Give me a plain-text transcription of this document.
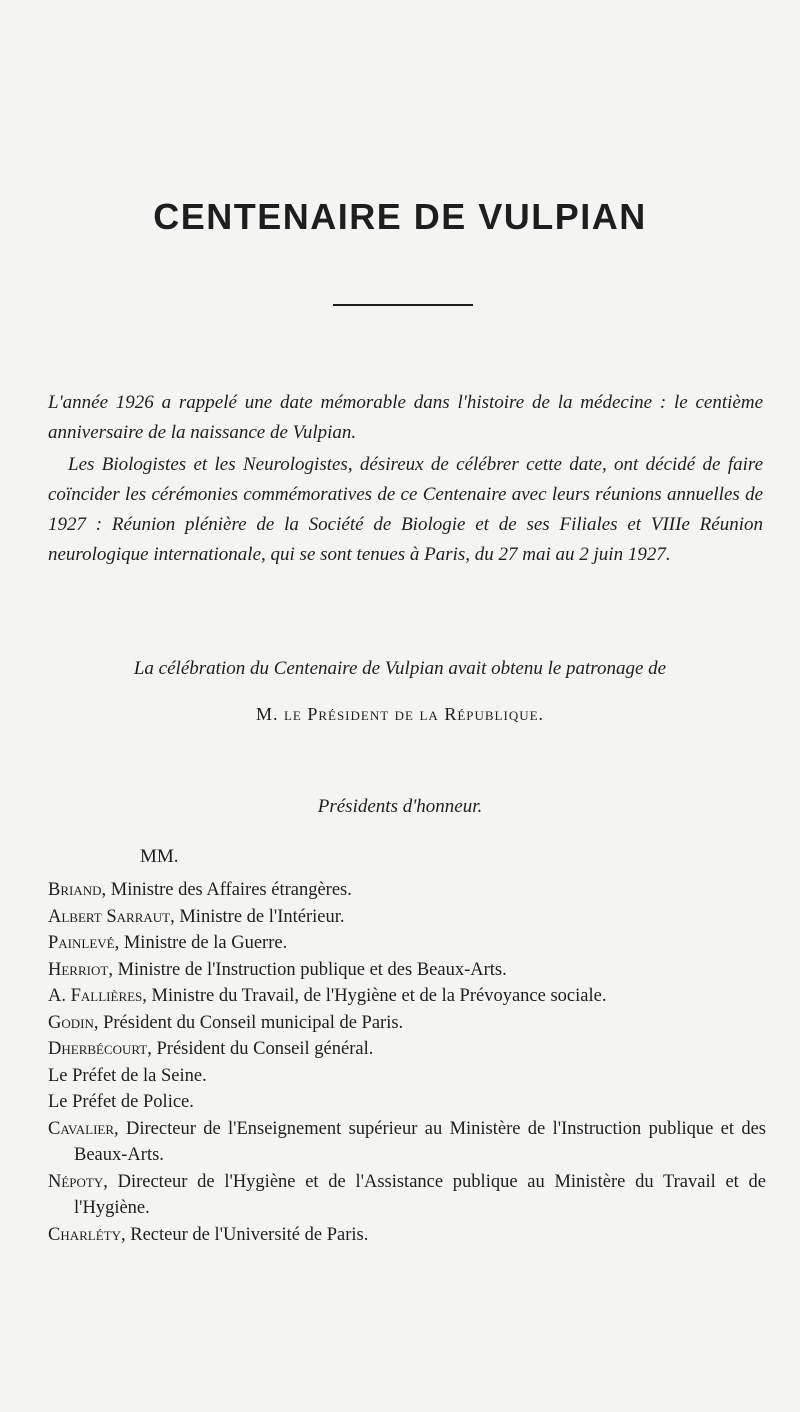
CENTENAIRE DE VULPIAN

L'année 1926 a rappelé une date mémorable dans l'histoire de la médecine : le centième anniversaire de la naissance de Vulpian.

Les Biologistes et les Neurologistes, désireux de célébrer cette date, ont décidé de faire coïncider les cérémonies commémoratives de ce Centenaire avec leurs réunions annuelles de 1927 : Réunion plénière de la Société de Biologie et de ses Filiales et VIIIe Réunion neurologique internationale, qui se sont tenues à Paris, du 27 mai au 2 juin 1927.

La célébration du Centenaire de Vulpian avait obtenu le patronage de

M. le Président de la République.

Présidents d'honneur.

MM.

Briand, Ministre des Affaires étrangères.
Albert Sarraut, Ministre de l'Intérieur.
Painlevé, Ministre de la Guerre.
Herriot, Ministre de l'Instruction publique et des Beaux-Arts.
A. Fallières, Ministre du Travail, de l'Hygiène et de la Prévoyance sociale.
Godin, Président du Conseil municipal de Paris.
Dherbécourt, Président du Conseil général.
Le Préfet de la Seine.
Le Préfet de Police.
Cavalier, Directeur de l'Enseignement supérieur au Ministère de l'Instruction publique et des Beaux-Arts.
Népoty, Directeur de l'Hygiène et de l'Assistance publique au Ministère du Travail et de l'Hygiène.
Charléty, Recteur de l'Université de Paris.
